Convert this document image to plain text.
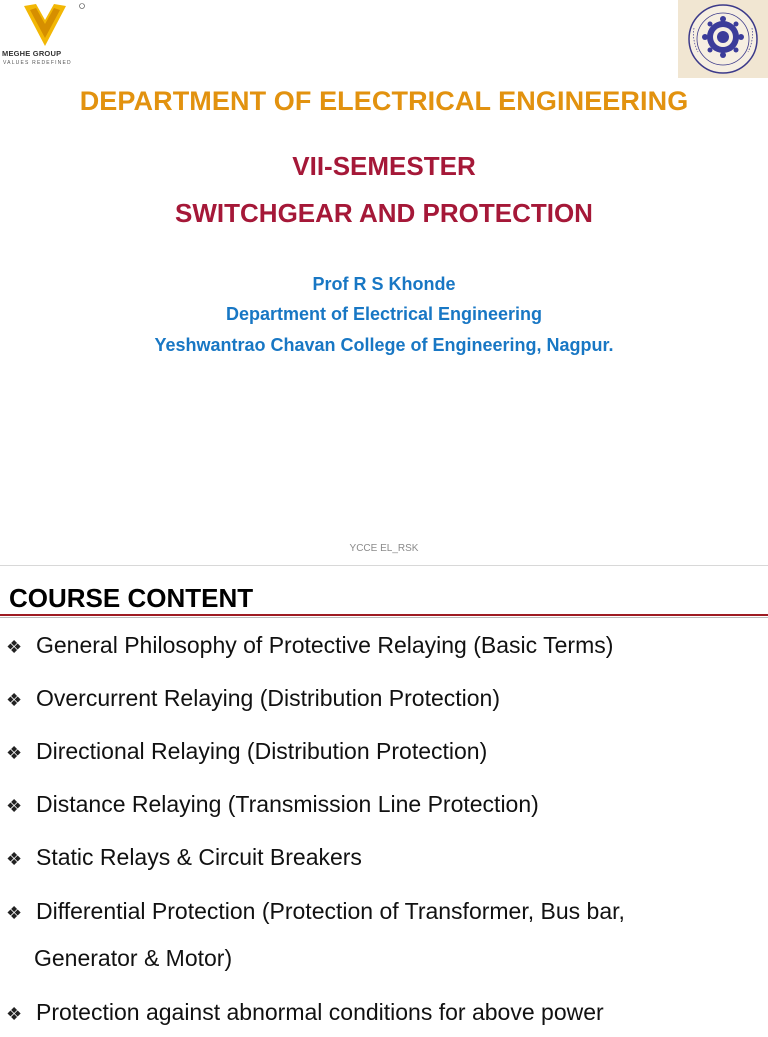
MEGHE GROUP
VALUES REDEFINED
DEPARTMENT OF ELECTRICAL ENGINEERING
VII-SEMESTER
SWITCHGEAR AND PROTECTION
Prof R S Khonde
Department of Electrical Engineering
Yeshwantrao Chavan College of Engineering, Nagpur.
YCCE EL_RSK
COURSE CONTENT
❖ General Philosophy of Protective Relaying (Basic Terms)
❖ Overcurrent Relaying (Distribution Protection)
❖ Directional Relaying (Distribution Protection)
❖ Distance Relaying (Transmission Line Protection)
❖ Static Relays & Circuit Breakers
❖ Differential Protection (Protection of Transformer, Bus bar,
Generator & Motor)
❖ Protection against abnormal conditions for above power
